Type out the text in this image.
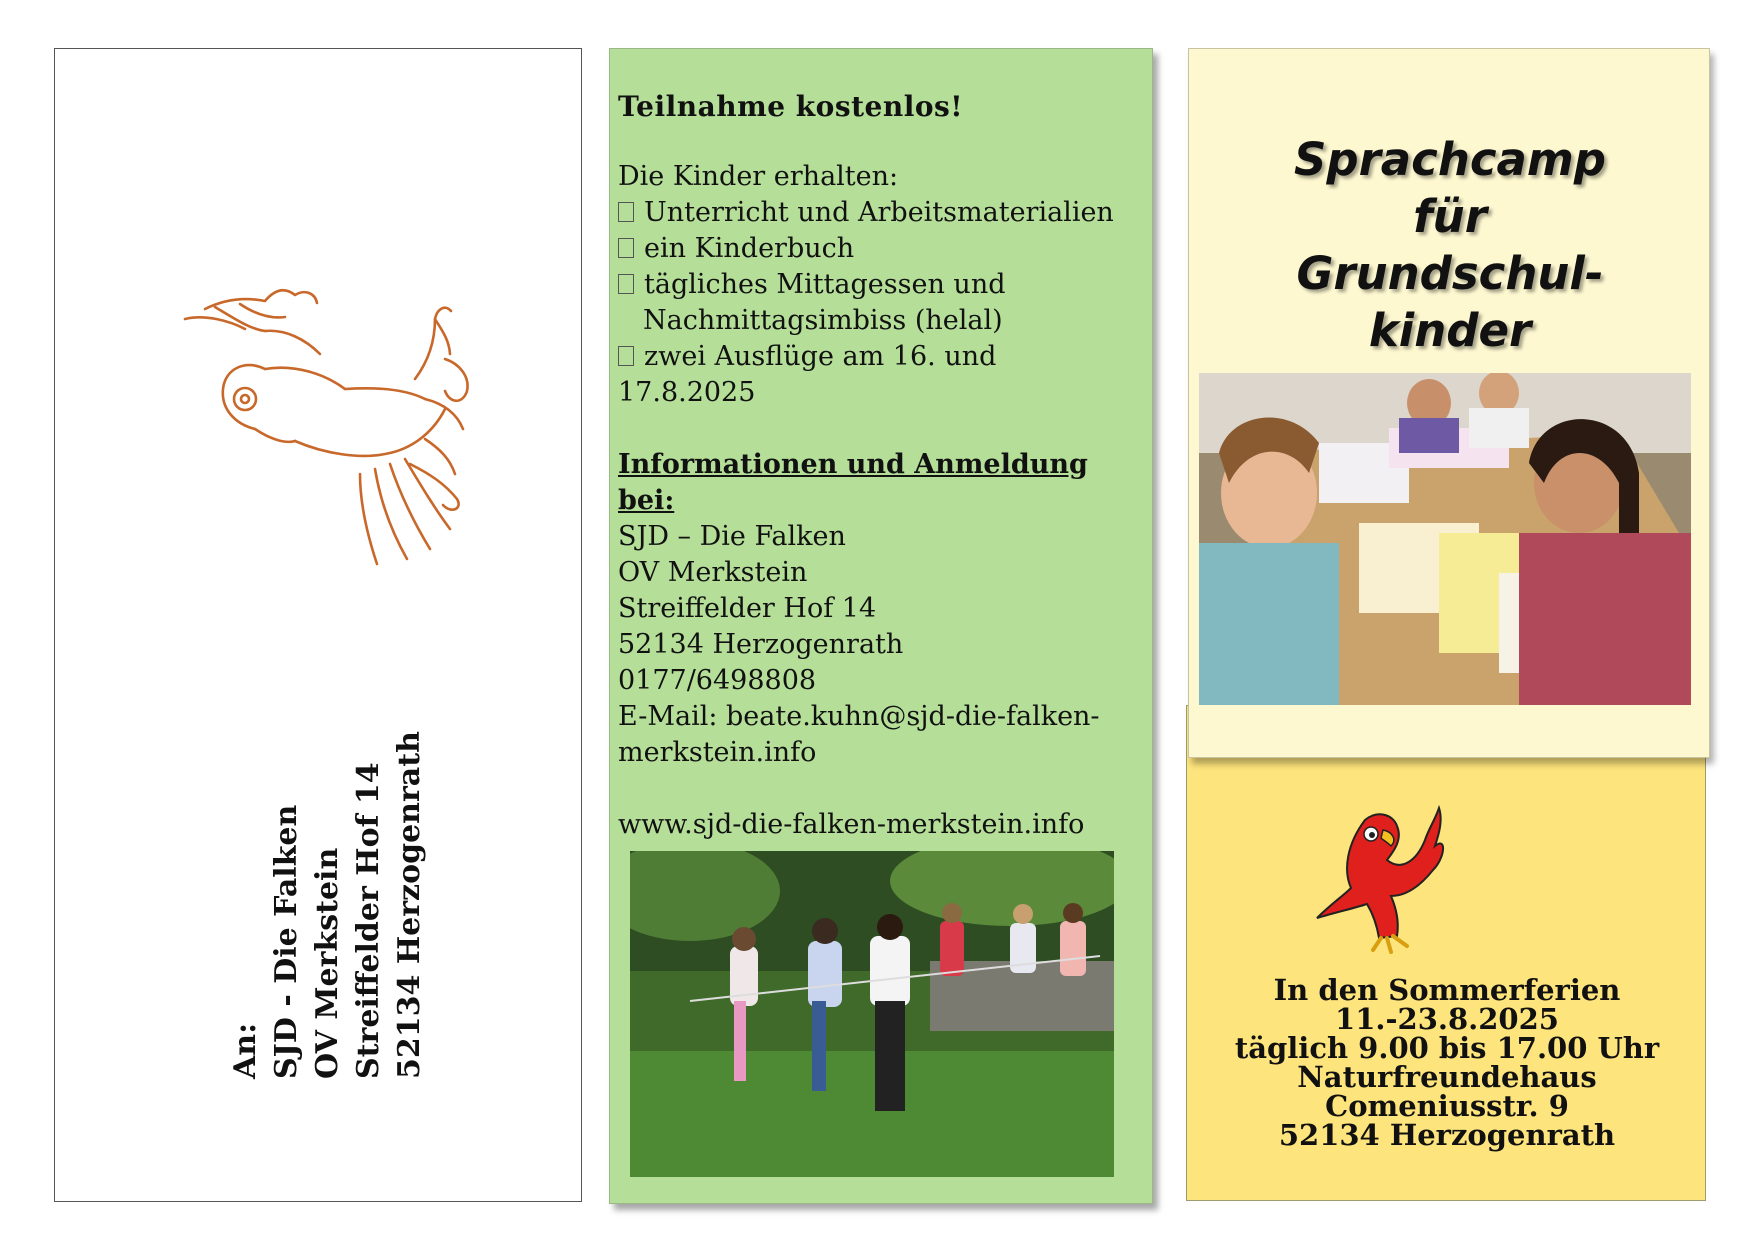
An: SJD - Die Falken OV Merkstein Streiffelder Hof 14 52134 Herzogenrath
Teilnahme kostenlos!
Die Kinder erhalten:
Unterricht und Arbeitsmaterialien
ein Kinderbuch
tägliches Mittagessen und
Nachmittagsimbiss (helal)
zwei Ausflüge am 16. und
17.8.2025
Informationen und Anmeldung bei:
SJD – Die Falken
OV Merkstein
Streiffelder Hof 14
52134 Herzogenrath
0177/6498808
E-Mail: beate.kuhn@sjd-die-falken-
merkstein.info
www.sjd-die-falken-merkstein.info
In den Sommerferien
11.-23.8.2025
täglich 9.00 bis 17.00 Uhr
Naturfreundehaus
Comeniusstr. 9
52134 Herzogenrath
Sprachcamp
für
Grundschul-
kinder
